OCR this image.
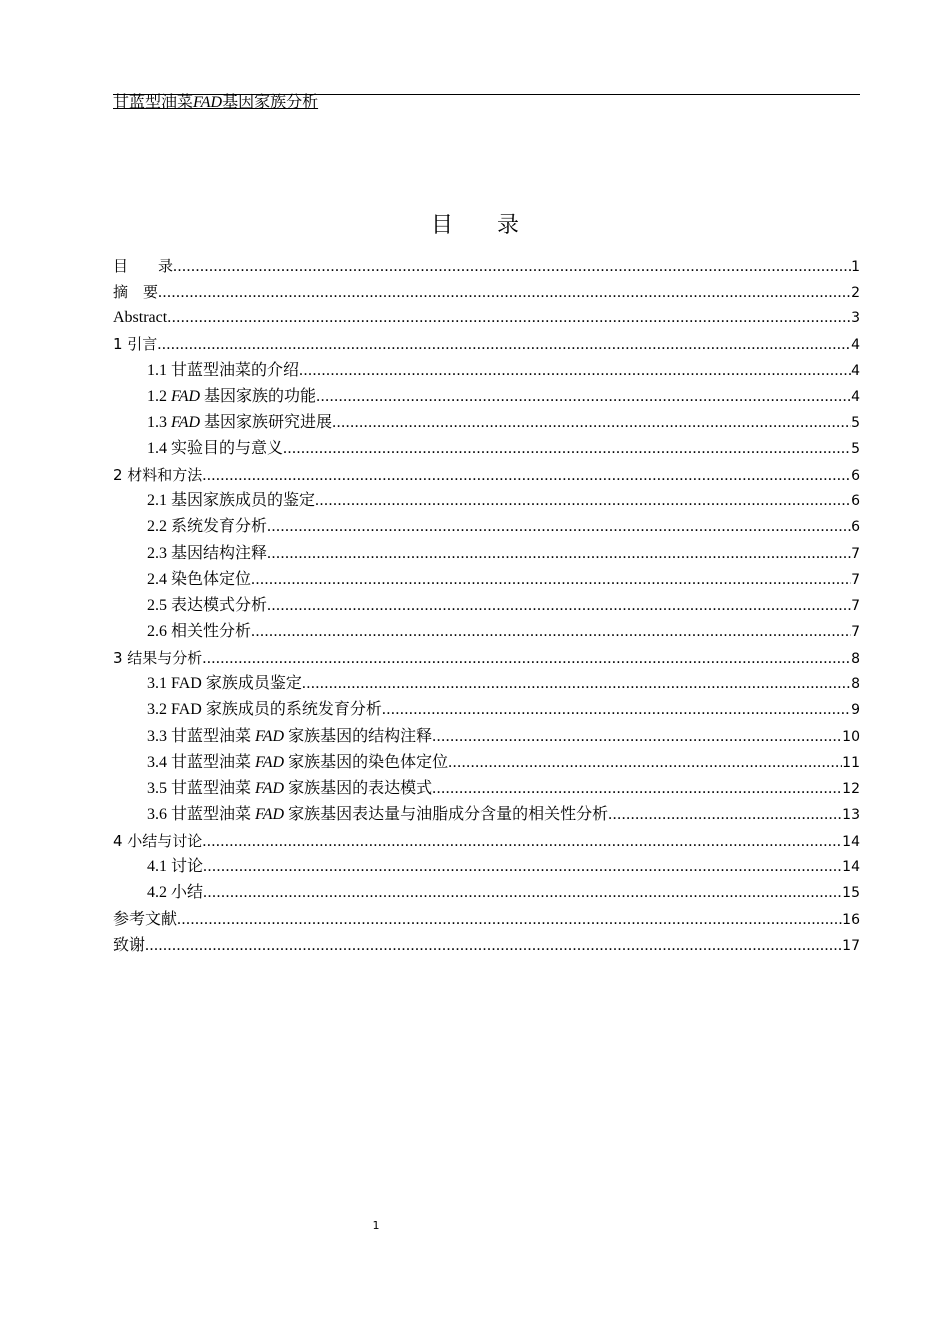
甘蓝型油菜FAD基因家族分析
目 录
目　　录 .....	1
摘　要 .....	2
Abstract .....	3
1 引言 .....	4
1.1 甘蓝型油菜的介绍 .....	4
1.2 FAD 基因家族的功能 .....	4
1.3 FAD 基因家族研究进展 .....	5
1.4 实验目的与意义 .....	5
2 材料和方法 .....	6
2.1 基因家族成员的鉴定 .....	6
2.2 系统发育分析 .....	6
2.3 基因结构注释 .....	7
2.4 染色体定位 .....	7
2.5 表达模式分析 .....	7
2.6 相关性分析 .....	7
3 结果与分析 .....	8
3.1 FAD 家族成员鉴定 .....	8
3.2 FAD 家族成员的系统发育分析 .....	9
3.3 甘蓝型油菜 FAD 家族基因的结构注释 .....	10
3.4 甘蓝型油菜 FAD 家族基因的染色体定位 .....	11
3.5 甘蓝型油菜 FAD 家族基因的表达模式 .....	12
3.6 甘蓝型油菜 FAD 家族基因表达量与油脂成分含量的相关性分析 .....	13
4 小结与讨论 .....	14
4.1 讨论 .....	14
4.2 小结 .....	15
参考文献 .....	16
致谢 .....	17
1
